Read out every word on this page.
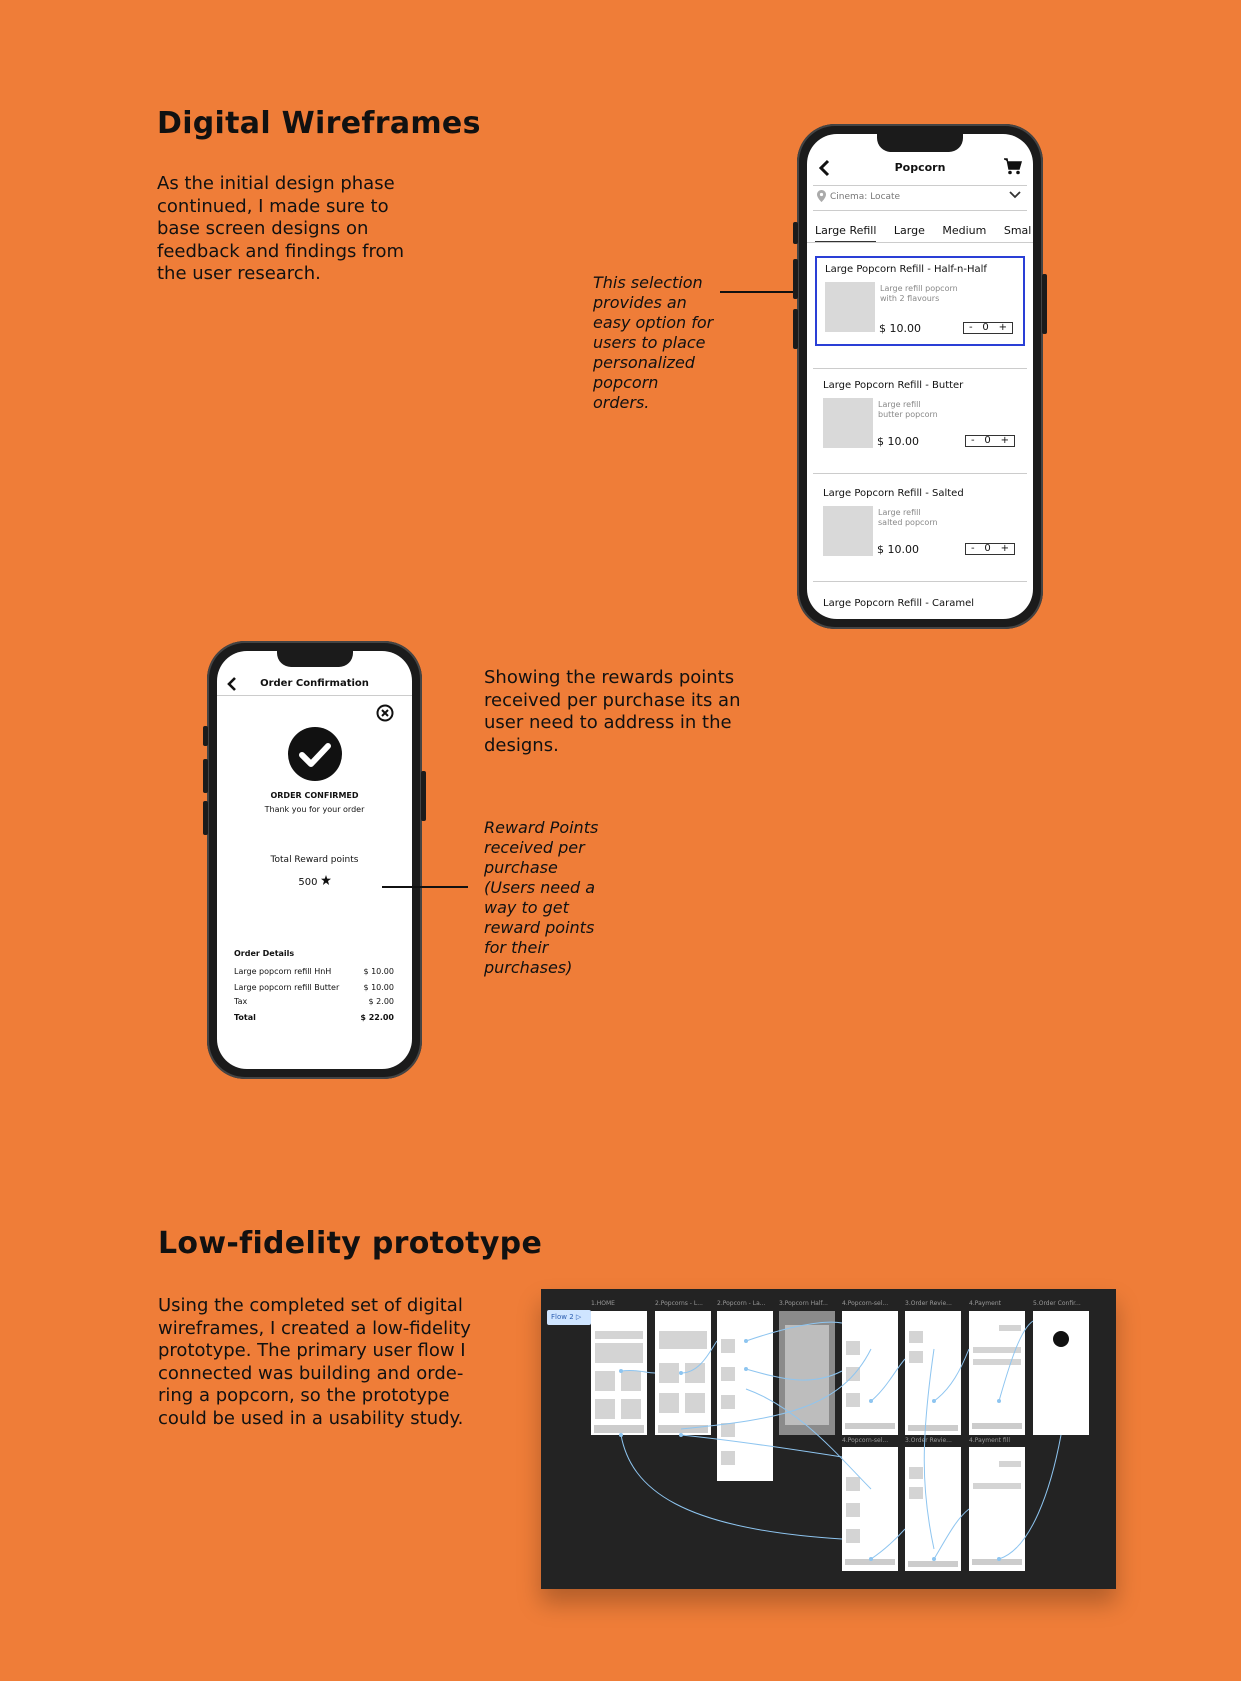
Digital Wireframes
As the initial design phase
continued, I made sure to
base screen designs on
feedback and findings from
the user research.	This selection
provides an
easy option for
users to place
personalized
popcorn
orders.
Popcorn
Cinema: Locate
Large Refill Large Medium Smal
Large Popcorn Refill - Half-n-Half
Large refill popcorn
with 2 flavours
$ 10.00	- 0 +
Large Popcorn Refill - Butter
Large refill
butter popcorn
$ 10.00	- 0 +
Large Popcorn Refill - Salted
Large refill
salted popcorn
$ 10.00	- 0 +
Large Popcorn Refill - Caramel
Order Confirmation
ORDER CONFIRMED
Thank you for your order
Total Reward points
500
Order Details
Large popcorn refill HnH	$ 10.00
Large popcorn refill Butter	$ 10.00
Tax	$ 2.00
Total	$ 22.00
Showing the rewards points
received per purchase its an
user need to address in the
designs.
Reward Points
received per
purchase
(Users need a
way to get
reward points
for their
purchases)
Low-fidelity prototype
Using the completed set of digital
wireframes, I created a low-fidelity
prototype. The primary user flow I
connected was building and orde-
ring a popcorn, so the prototype
could be used in a usability study.
Flow 2 ▷
1.HOME	2.Popcorns - L... 2.Popcorn - La... 3.Popcorn Half... 4.Popcorn-sel...	3.Order Revie...	4.Payment	5.Order Confir...
4.Popcorn-sel...	3.Order Revie...	4.Payment fill
